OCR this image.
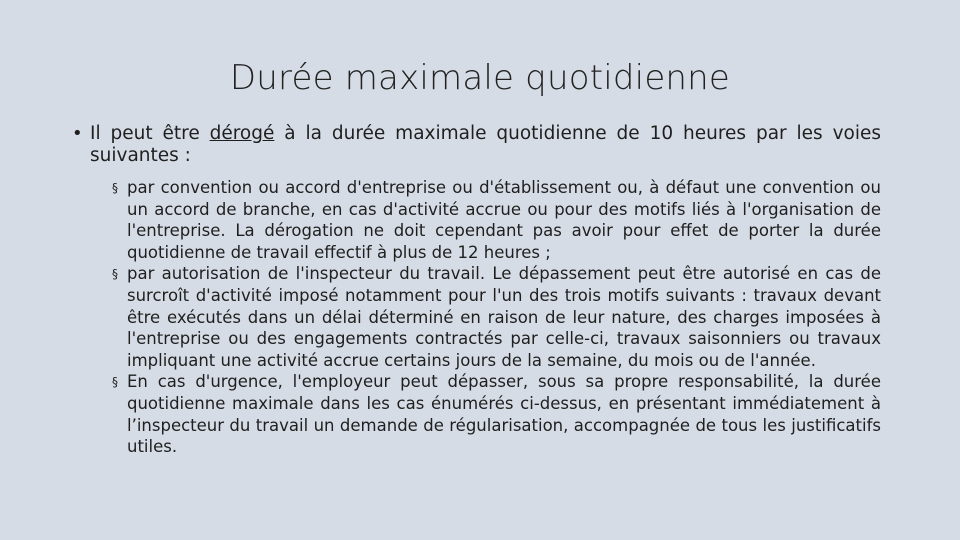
Durée maximale quotidienne
• Il peut être dérogé à la durée maximale quotidienne de 10 heures par les voies suivantes :
§ par convention ou accord d'entreprise ou d'établissement ou, à défaut une convention ou un accord de branche, en cas d'activité accrue ou pour des motifs liés à l'organisation de l'entreprise. La dérogation ne doit cependant pas avoir pour effet de porter la durée quotidienne de travail effectif à plus de 12 heures ;
§ par autorisation de l'inspecteur du travail. Le dépassement peut être autorisé en cas de surcroît d'activité imposé notamment pour l'un des trois motifs suivants : travaux devant être exécutés dans un délai déterminé en raison de leur nature, des charges imposées à l'entreprise ou des engagements contractés par celle-ci, travaux saisonniers ou travaux impliquant une activité accrue certains jours de la semaine, du mois ou de l'année.
§ En cas d'urgence, l'employeur peut dépasser, sous sa propre responsabilité, la durée quotidienne maximale dans les cas énumérés ci-dessus, en présentant immédiatement à l’inspecteur du travail un demande de régularisation, accompagnée de tous les justificatifs utiles.
